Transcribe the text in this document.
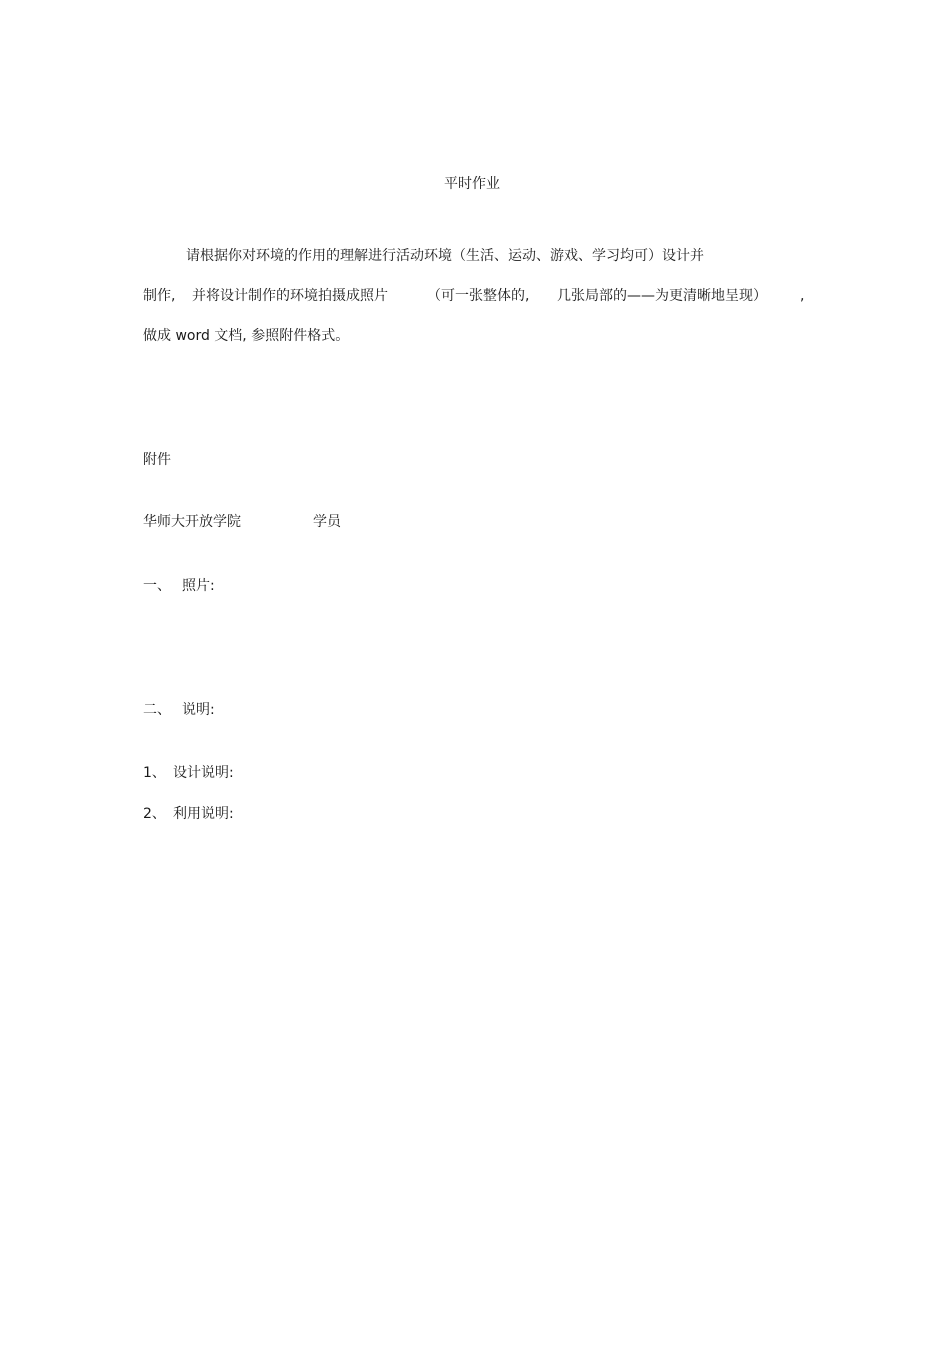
平时作业
请根据你对环境的作用的理解进行活动环境（生活、运动、游戏、学习均可）设计并
制作, 并将设计制作的环境拍摄成照片	（可一张整体的, 几张局部的——为更清晰地呈现） ,
做成 word 文档, 参照附件格式。
附件
华师大开放学院	学员
一、 照片:
二、 说明:
1、 设计说明:
2、 利用说明:
